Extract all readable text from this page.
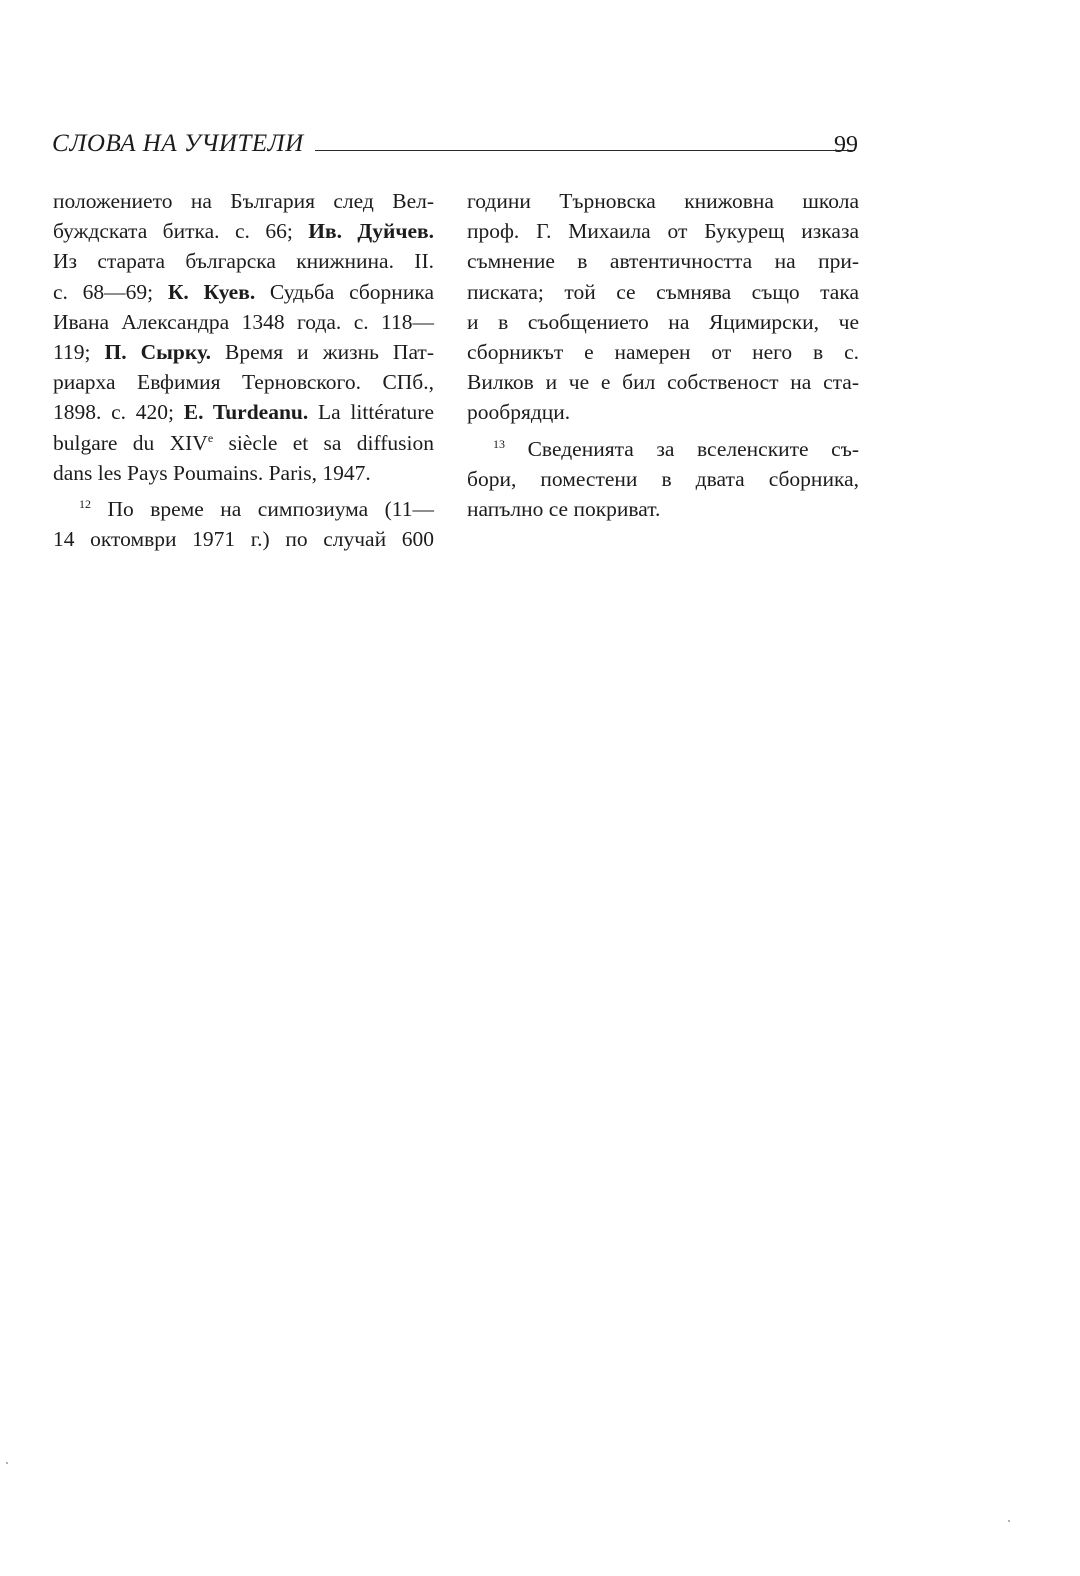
СЛОВА НА УЧИТЕЛИ	99
положението на България след Вел-
буждската битка. с. 66; Ив. Дуйчев.
Из старата българска книжнина. II.
с. 68—69; К. Куев. Судьба сборника
Ивана Александра 1348 года. с. 118—
119; П. Сырку. Время и жизнь Пат-
риарха Евфимия Терновского. СПб.,
1898. с. 420; E. Turdeanu. La littérature
bulgare du XIVe siècle et sa diffusion
dans les Pays Poumains. Paris, 1947.
$^{12}$ По време на симпозиума (11—
14 октомври 1971 г.) по случай 600
години Търновска книжовна школа
проф. Г. Михаила от Букурещ изказа
съмнение в автентичността на при-
писката; той се съмнява също така
и в съобщението на Яцимирски, че
сборникът е намерен от него в с.
Вилков и че е бил собственост на ста-
рообрядци.
$^{13}$ Сведенията за вселенските съ-
бори, поместени в двата сборника,
напълно се покриват.
